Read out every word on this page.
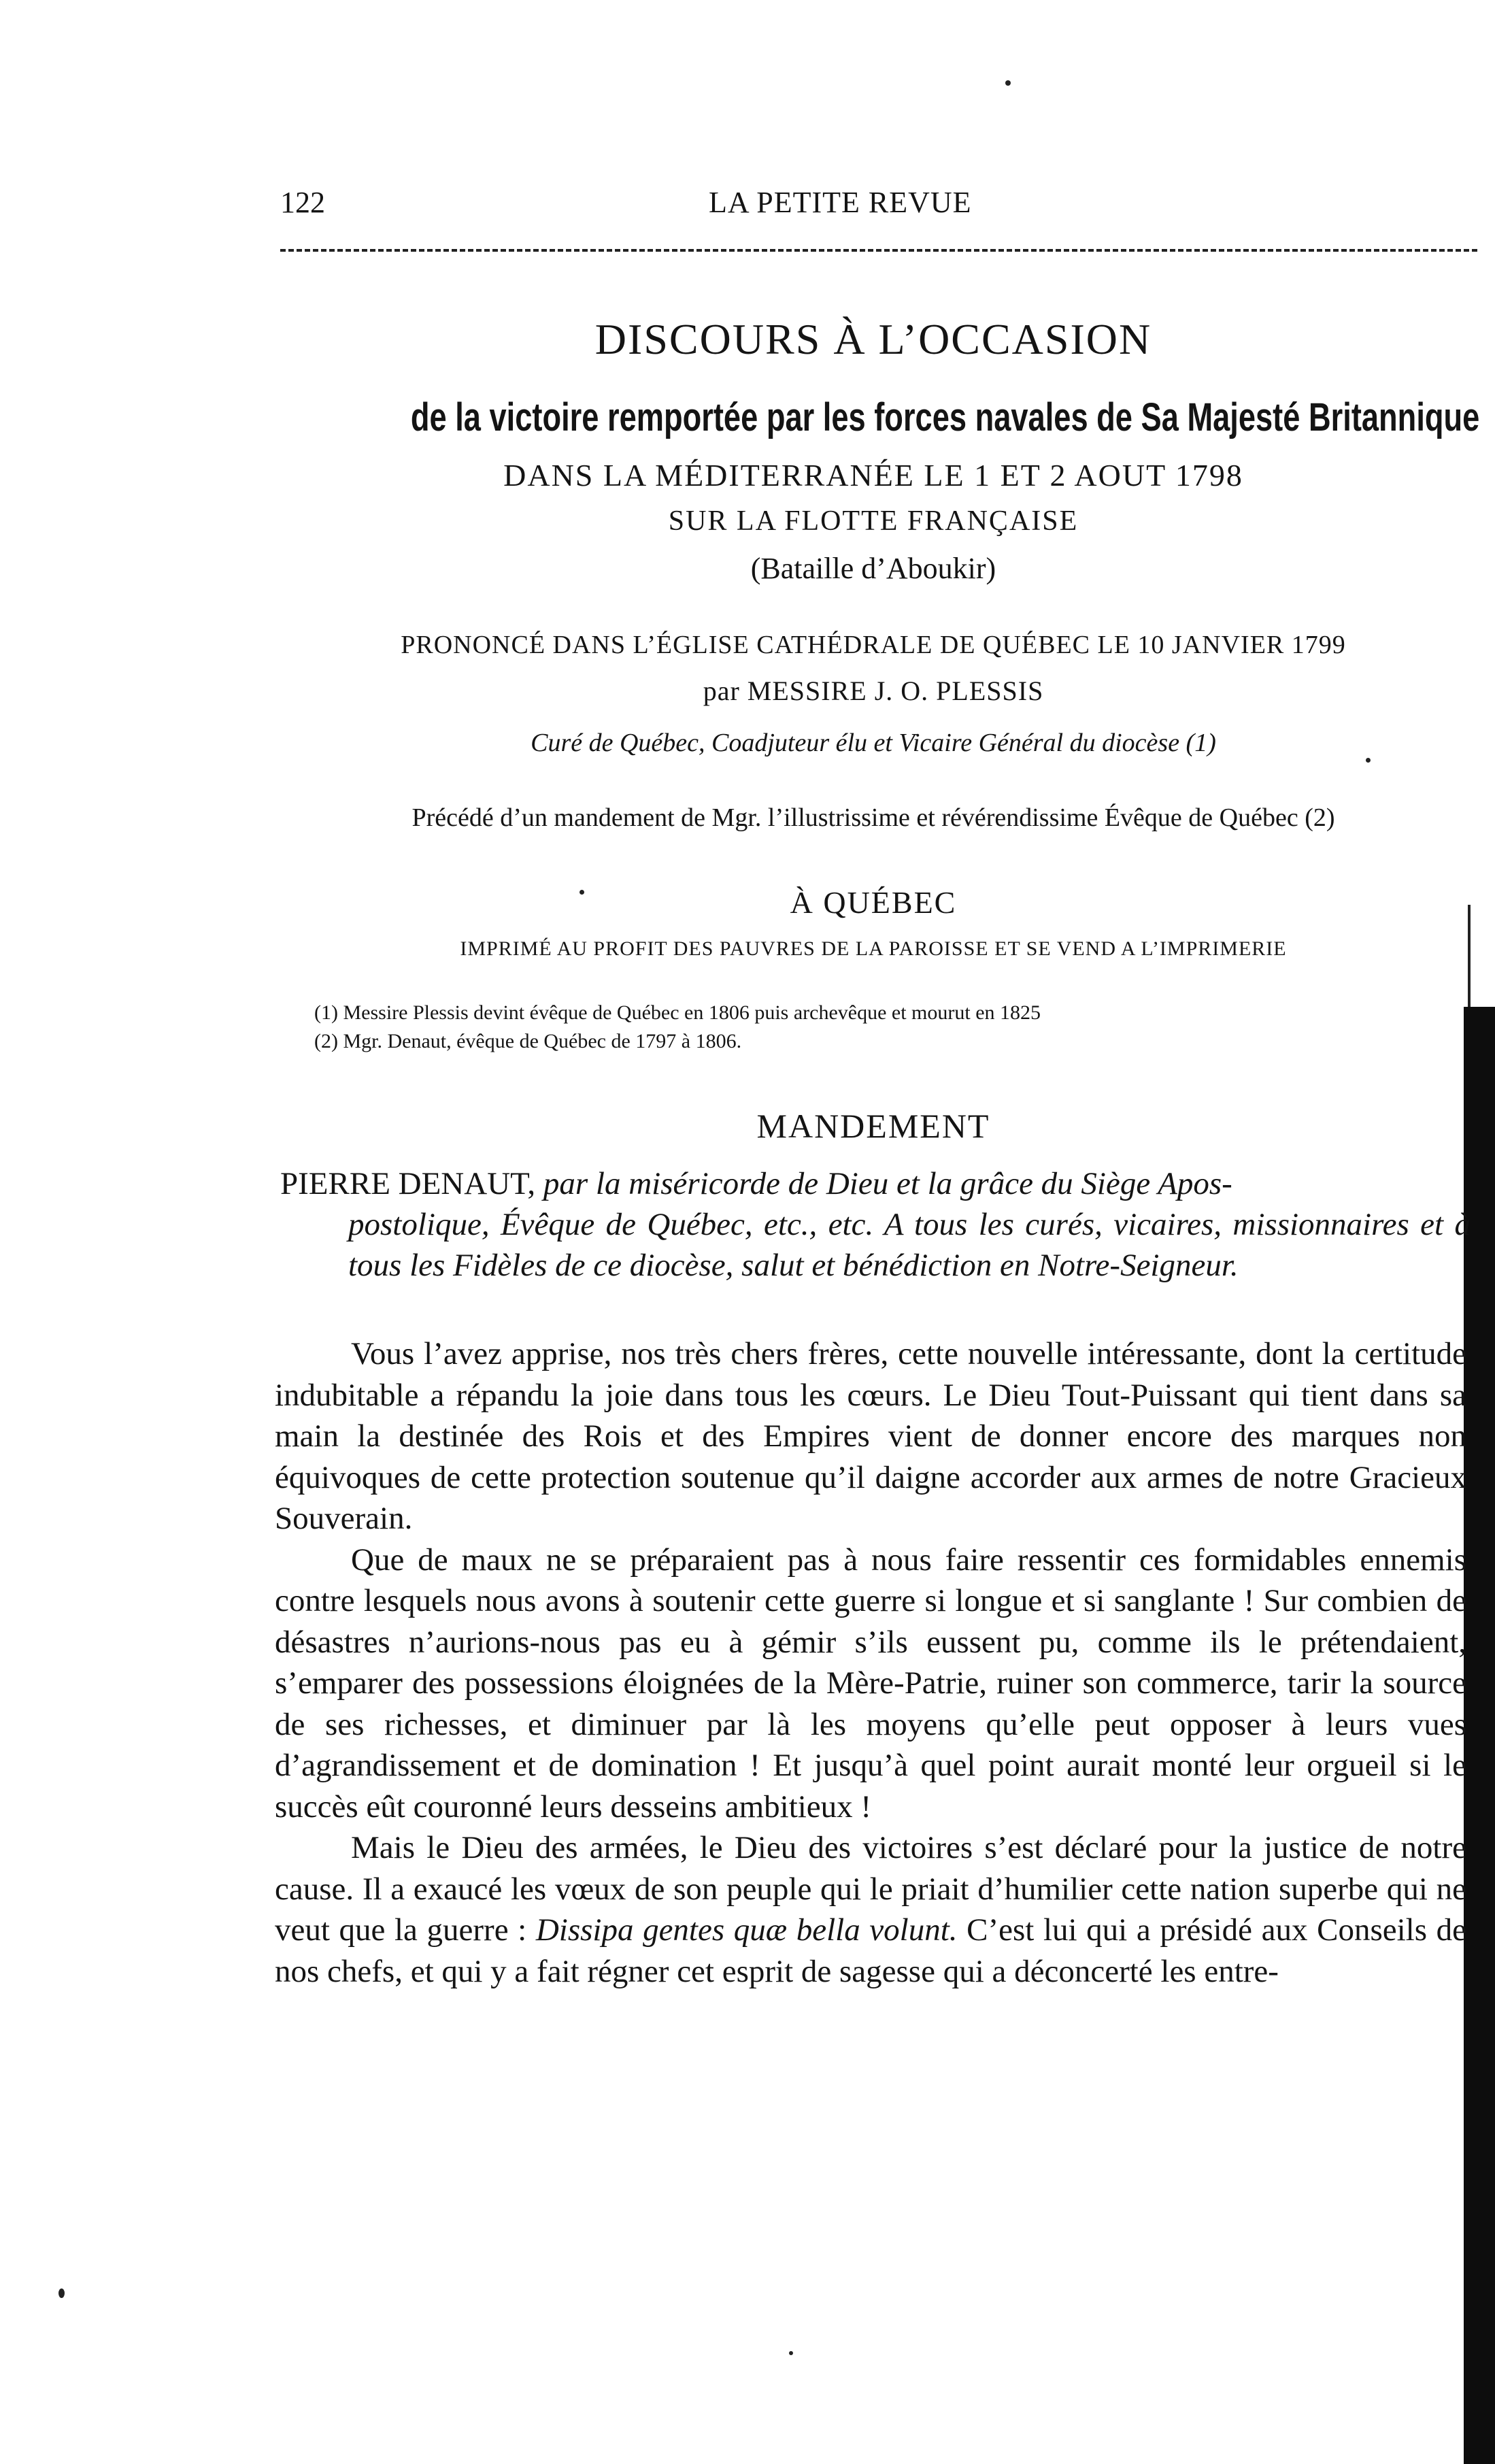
122	LA PETITE REVUE
DISCOURS À L’OCCASION
de la victoire remportée par les forces navales de Sa Majesté Britannique
DANS LA MÉDITERRANÉE LE 1 ET 2 AOUT 1798
SUR LA FLOTTE FRANÇAISE
(Bataille d’Aboukir)
PRONONCÉ DANS L’ÉGLISE CATHÉDRALE DE QUÉBEC LE 10 JANVIER 1799
par MESSIRE J. O. PLESSIS
Curé de Québec, Coadjuteur élu et Vicaire Général du diocèse (1)
Précédé d’un mandement de Mgr. l’illustrissime et révérendissime Évêque de Québec (2)
À QUÉBEC
IMPRIMÉ AU PROFIT DES PAUVRES DE LA PAROISSE ET SE VEND A L’IMPRIMERIE
(1) Messire Plessis devint évêque de Québec en 1806 puis archevêque et mourut en 1825
(2) Mgr. Denaut, évêque de Québec de 1797 à 1806.
MANDEMENT
PIERRE DENAUT, par la miséricorde de Dieu et la grâce du Siège Apos-
postolique, Évêque de Québec, etc., etc. A tous les curés, vicaires, missionnaires et à tous les Fidèles de ce diocèse, salut et bénédiction en Notre-Seigneur.

Vous l’avez apprise, nos très chers frères, cette nouvelle intéressante, dont la certitude indubitable a répandu la joie dans tous les cœurs. Le Dieu Tout-Puissant qui tient dans sa main la destinée des Rois et des Empires vient de donner encore des marques non équivoques de cette protection soutenue qu’il daigne accorder aux armes de notre Gracieux Souverain.

Que de maux ne se préparaient pas à nous faire ressentir ces formidables ennemis contre lesquels nous avons à soutenir cette guerre si longue et si sanglante ! Sur combien de désastres n’aurions-nous pas eu à gémir s’ils eussent pu, comme ils le prétendaient, s’emparer des possessions éloignées de la Mère-Patrie, ruiner son commerce, tarir la source de ses richesses, et diminuer par là les moyens qu’elle peut opposer à leurs vues d’agrandissement et de domination ! Et jusqu’à quel point aurait monté leur orgueil si le succès eût couronné leurs desseins ambitieux !

Mais le Dieu des armées, le Dieu des victoires s’est déclaré pour la justice de notre cause. Il a exaucé les vœux de son peuple qui le priait d’humilier cette nation superbe qui ne veut que la guerre : Dissipa gentes quæ bella volunt. C’est lui qui a présidé aux Conseils de nos chefs, et qui y a fait régner cet esprit de sagesse qui a déconcerté les entre-
